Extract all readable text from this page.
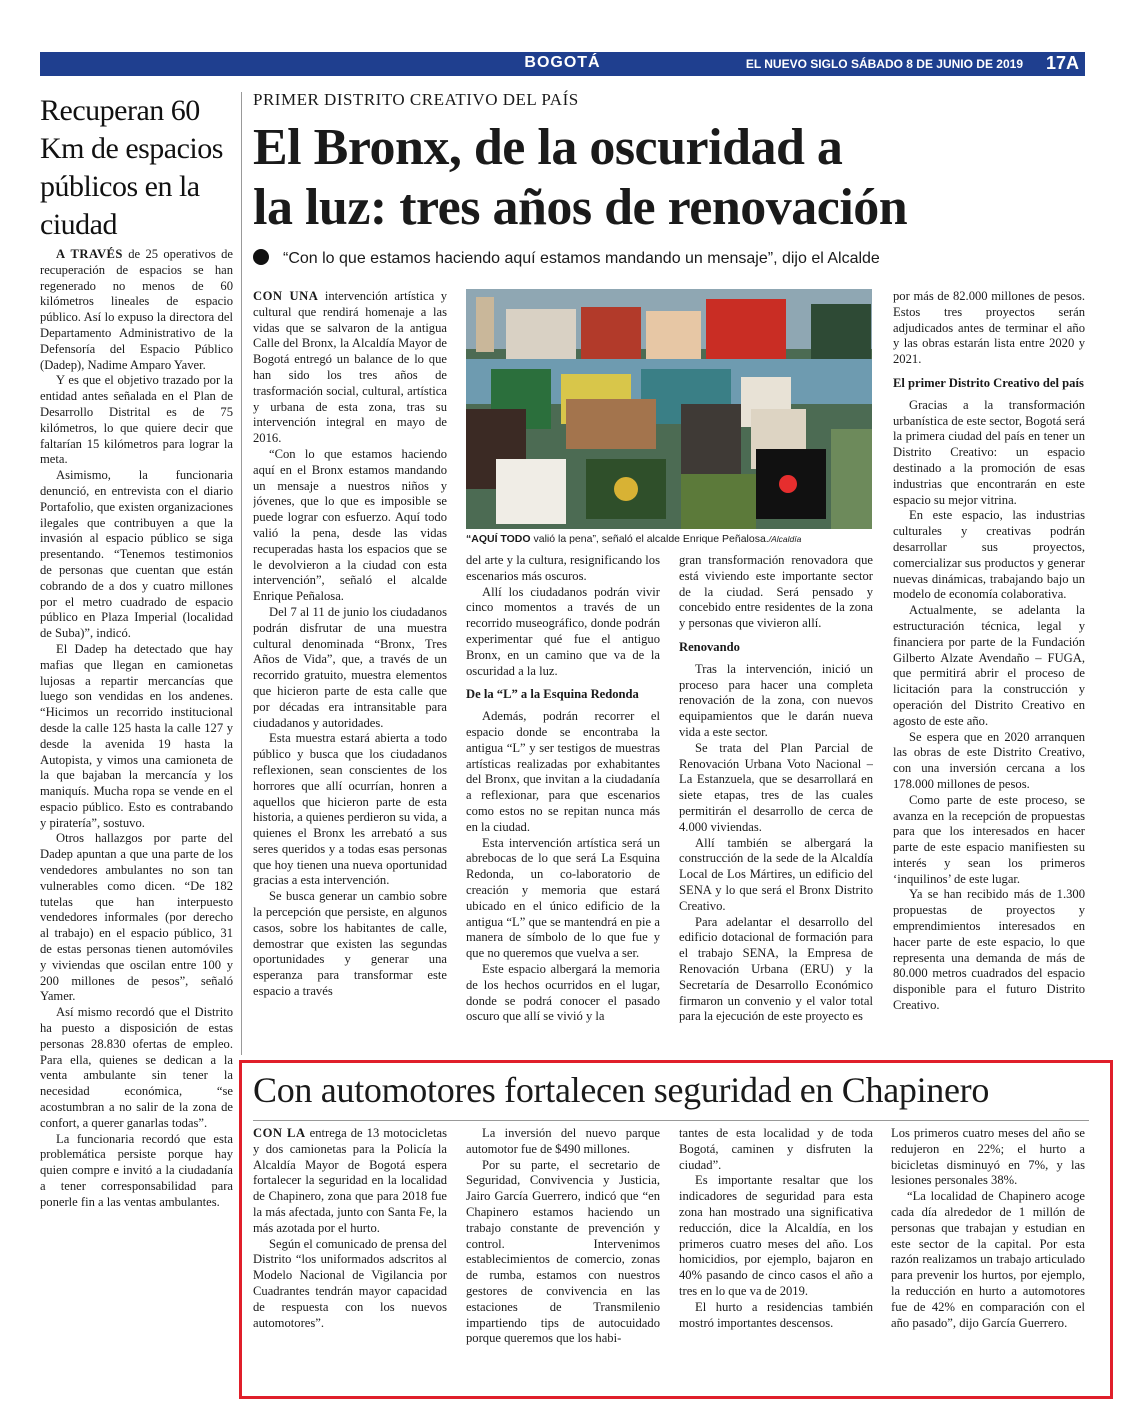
BOGOTÁ	EL NUEVO SIGLO SÁBADO 8 DE JUNIO DE 2019 17A
Recuperan 60 Km de espacios públicos en la ciudad

A TRAVÉS de 25 operativos de recuperación de espacios se han regenerado no menos de 60 kilómetros lineales de espacio público. Así lo expuso la directora del Departamento Administrativo de la Defensoría del Espacio Público (Dadep), Nadime Amparo Yaver.

Y es que el objetivo trazado por la entidad antes señalada en el Plan de Desarrollo Distrital es de 75 kilómetros, lo que quiere decir que faltarían 15 kilómetros para lograr la meta.

Asimismo, la funcionaria denunció, en entrevista con el diario Portafolio, que existen organizaciones ilegales que contribuyen a que la invasión al espacio público se siga presentando. “Tenemos testimonios de personas que cuentan que están cobrando de a dos y cuatro millones por el metro cuadrado de espacio público en Plaza Imperial (localidad de Suba)”, indicó.

El Dadep ha detectado que hay mafias que llegan en camionetas lujosas a repartir mercancías que luego son vendidas en los andenes. “Hicimos un recorrido institucional desde la calle 125 hasta la calle 127 y desde la avenida 19 hasta la Autopista, y vimos una camioneta de la que bajaban la mercancía y los maniquís. Mucha ropa se vende en el espacio público. Esto es contrabando y piratería”, sostuvo.

Otros hallazgos por parte del Dadep apuntan a que una parte de los vendedores ambulantes no son tan vulnerables como dicen. “De 182 tutelas que han interpuesto vendedores informales (por derecho al trabajo) en el espacio público, 31 de estas personas tienen automóviles y viviendas que oscilan entre 100 y 200 millones de pesos”, señaló Yamer.

Así mismo recordó que el Distrito ha puesto a disposición de estas personas 28.830 ofertas de empleo. Para ella, quienes se dedican a la venta ambulante sin tener la necesidad económica, “se acostumbran a no salir de la zona de confort, a querer ganarlas todas”.

La funcionaria recordó que esta problemática persiste porque hay quien compre e invitó a la ciudadanía a tener corresponsabilidad para ponerle fin a las ventas ambulantes.

PRIMER DISTRITO CREATIVO DEL PAÍS
El Bronx, de la oscuridad a
la luz: tres años de renovación
“Con lo que estamos haciendo aquí estamos mandando un mensaje”, dijo el Alcalde

CON UNA intervención artística y cultural que rendirá homenaje a las vidas que se salvaron de la antigua Calle del Bronx, la Alcaldía Mayor de Bogotá entregó un balance de lo que han sido los tres años de trasformación social, cultural, artística y urbana de esta zona, tras su intervención integral en mayo de 2016.

“Con lo que estamos haciendo aquí en el Bronx estamos mandando un mensaje a nuestros niños y jóvenes, que lo que es imposible se puede lograr con esfuerzo. Aquí todo valió la pena, desde las vidas recuperadas hasta los espacios que se le devolvieron a la ciudad con esta intervención”, señaló el alcalde Enrique Peñalosa.

Del 7 al 11 de junio los ciudadanos podrán disfrutar de una muestra cultural denominada “Bronx, Tres Años de Vida”, que, a través de un recorrido gratuito, muestra elementos que hicieron parte de esta calle que por décadas era intransitable para ciudadanos y autoridades.

Esta muestra estará abierta a todo público y busca que los ciudadanos reflexionen, sean conscientes de los horrores que allí ocurrían, honren a aquellos que hicieron parte de esta historia, a quienes perdieron su vida, a quienes el Bronx les arrebató a sus seres queridos y a todas esas personas que hoy tienen una nueva oportunidad gracias a esta intervención.

Se busca generar un cambio sobre la percepción que persiste, en algunos casos, sobre los habitantes de calle, demostrar que existen las segundas oportunidades y generar una esperanza para transformar este espacio a través

“AQUÍ TODO valió la pena”, señaló el alcalde Enrique Peñalosa./Alcaldía

del arte y la cultura, resignificando los escenarios más oscuros.

Allí los ciudadanos podrán vivir cinco momentos a través de un recorrido museográfico, donde podrán experimentar qué fue el antiguo Bronx, en un camino que va de la oscuridad a la luz.

De la “L” a la Esquina Redonda

Además, podrán recorrer el espacio donde se encontraba la antigua “L” y ser testigos de muestras artísticas realizadas por exhabitantes del Bronx, que invitan a la ciudadanía a reflexionar, para que escenarios como estos no se repitan nunca más en la ciudad.

Esta intervención artística será un abrebocas de lo que será La Esquina Redonda, un co-laboratorio de creación y memoria que estará ubicado en el único edificio de la antigua “L” que se mantendrá en pie a manera de símbolo de lo que fue y que no queremos que vuelva a ser.

Este espacio albergará la memoria de los hechos ocurridos en el lugar, donde se podrá conocer el pasado oscuro que allí se vivió y la

gran transformación renovadora que está viviendo este importante sector de la ciudad. Será pensado y concebido entre residentes de la zona y personas que vivieron allí.

Renovando

Tras la intervención, inició un proceso para hacer una completa renovación de la zona, con nuevos equipamientos que le darán nueva vida a este sector.

Se trata del Plan Parcial de Renovación Urbana Voto Nacional – La Estanzuela, que se desarrollará en siete etapas, tres de las cuales permitirán el desarrollo de cerca de 4.000 viviendas.

Allí también se albergará la construcción de la sede de la Alcaldía Local de Los Mártires, un edificio del SENA y lo que será el Bronx Distrito Creativo.

Para adelantar el desarrollo del edificio dotacional de formación para el trabajo SENA, la Empresa de Renovación Urbana (ERU) y la Secretaría de Desarrollo Económico firmaron un convenio y el valor total para la ejecución de este proyecto es

por más de 82.000 millones de pesos. Estos tres proyectos serán adjudicados antes de terminar el año y las obras estarán lista entre 2020 y 2021.

El primer Distrito Creativo del país

Gracias a la transformación urbanística de este sector, Bogotá será la primera ciudad del país en tener un Distrito Creativo: un espacio destinado a la promoción de esas industrias que encontrarán en este espacio su mejor vitrina.

En este espacio, las industrias culturales y creativas podrán desarrollar sus proyectos, comercializar sus productos y generar nuevas dinámicas, trabajando bajo un modelo de economía colaborativa.

Actualmente, se adelanta la estructuración técnica, legal y financiera por parte de la Fundación Gilberto Alzate Avendaño – FUGA, que permitirá abrir el proceso de licitación para la construcción y operación del Distrito Creativo en agosto de este año.

Se espera que en 2020 arranquen las obras de este Distrito Creativo, con una inversión cercana a los 178.000 millones de pesos.

Como parte de este proceso, se avanza en la recepción de propuestas para que los interesados en hacer parte de este espacio manifiesten su interés y sean los primeros ‘inquilinos’ de este lugar.

Ya se han recibido más de 1.300 propuestas de proyectos y emprendimientos interesados en hacer parte de este espacio, lo que representa una demanda de más de 80.000 metros cuadrados del espacio disponible para el futuro Distrito Creativo.

Con automotores fortalecen seguridad en Chapinero

CON LA entrega de 13 motocicletas y dos camionetas para la Policía la Alcaldía Mayor de Bogotá espera fortalecer la seguridad en la localidad de Chapinero, zona que para 2018 fue la más afectada, junto con Santa Fe, la más azotada por el hurto.

Según el comunicado de prensa del Distrito “los uniformados adscritos al Modelo Nacional de Vigilancia por Cuadrantes tendrán mayor capacidad de respuesta con los nuevos automotores”.

La inversión del nuevo parque automotor fue de $490 millones.

Por su parte, el secretario de Seguridad, Convivencia y Justicia, Jairo García Guerrero, indicó que “en Chapinero estamos haciendo un trabajo constante de prevención y control. Intervenimos establecimientos de comercio, zonas de rumba, estamos con nuestros gestores de convivencia en las estaciones de Transmilenio impartiendo tips de autocuidado porque queremos que los habi-

tantes de esta localidad y de toda Bogotá, caminen y disfruten la ciudad”.

Es importante resaltar que los indicadores de seguridad para esta zona han mostrado una significativa reducción, dice la Alcaldía, en los primeros cuatro meses del año. Los homicidios, por ejemplo, bajaron en 40% pasando de cinco casos el año a tres en lo que va de 2019.

El hurto a residencias también mostró importantes descensos.

Los primeros cuatro meses del año se redujeron en 22%; el hurto a bicicletas disminuyó en 7%, y las lesiones personales 38%.

“La localidad de Chapinero acoge cada día alrededor de 1 millón de personas que trabajan y estudian en este sector de la capital. Por esta razón realizamos un trabajo articulado para prevenir los hurtos, por ejemplo, la reducción en hurto a automotores fue de 42% en comparación con el año pasado”, dijo García Guerrero.
